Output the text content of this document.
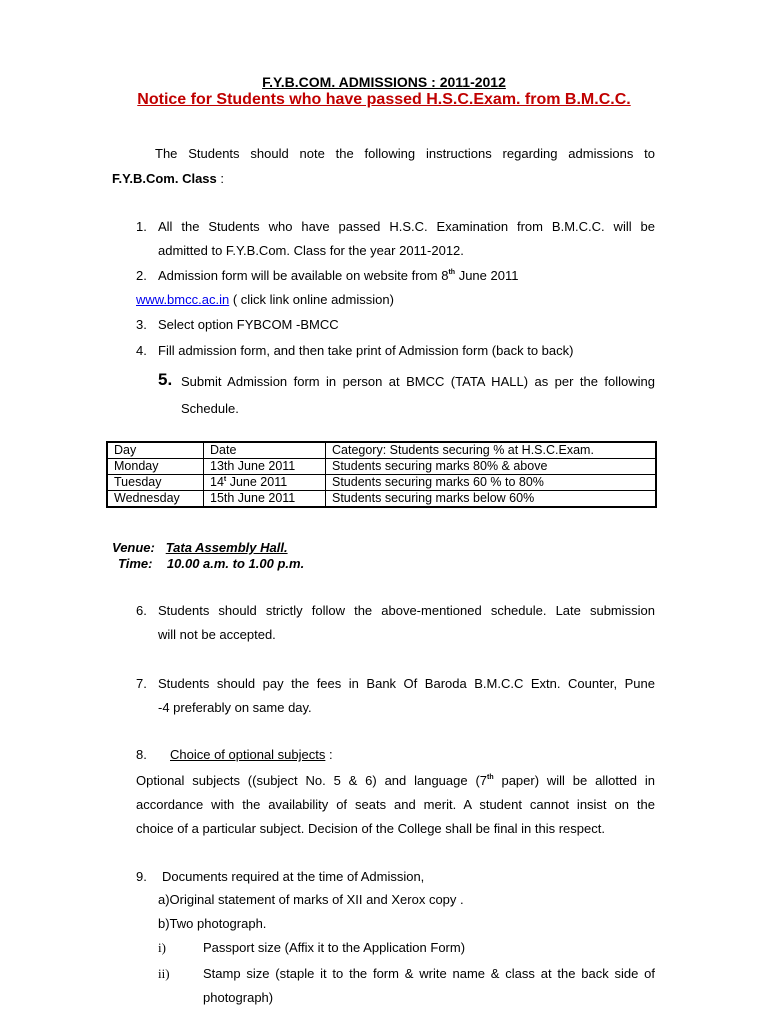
F.Y.B.COM. ADMISSIONS : 2011-2012
Notice for Students who have passed H.S.C.Exam. from B.M.C.C.
The Students should note the following instructions regarding admissions to
F.Y.B.Com. Class :
1. All the Students who have passed H.S.C. Examination from B.M.C.C. will be
admitted to F.Y.B.Com. Class for the year 2011-2012.
2. Admission form will be available on website from 8th June 2011
www.bmcc.ac.in ( click link online admission)
3. Select option FYBCOM -BMCC
4. Fill admission form, and then take print of Admission form (back to back)
5. Submit Admission form in person at BMCC (TATA HALL) as per the following
Schedule.
Day	Date	Category: Students securing % at H.S.C.Exam.
Monday	13th June 2011	Students securing marks 80% & above
Tuesday	14$^t$ June 2011	Students securing marks 60 % to 80%
Wednesday	15th June 2011	Students securing marks below 60%
Venue: Tata Assembly Hall.
Time: 10.00 a.m. to 1.00 p.m.
6. Students should strictly follow the above-mentioned schedule. Late submission
will not be accepted.
7. Students should pay the fees in Bank Of Baroda B.M.C.C Extn. Counter, Pune
-4 preferably on same day.
8. Choice of optional subjects :
Optional subjects ((subject No. 5 & 6) and language (7th paper) will be allotted in
accordance with the availability of seats and merit. A student cannot insist on the
choice of a particular subject. Decision of the College shall be final in this respect.
9. Documents required at the time of Admission,
a)Original statement of marks of XII and Xerox copy .
b)Two photograph.
i)	Passport size (Affix it to the Application Form)
ii)	Stamp size (staple it to the form & write name & class at the back side of
photograph)
